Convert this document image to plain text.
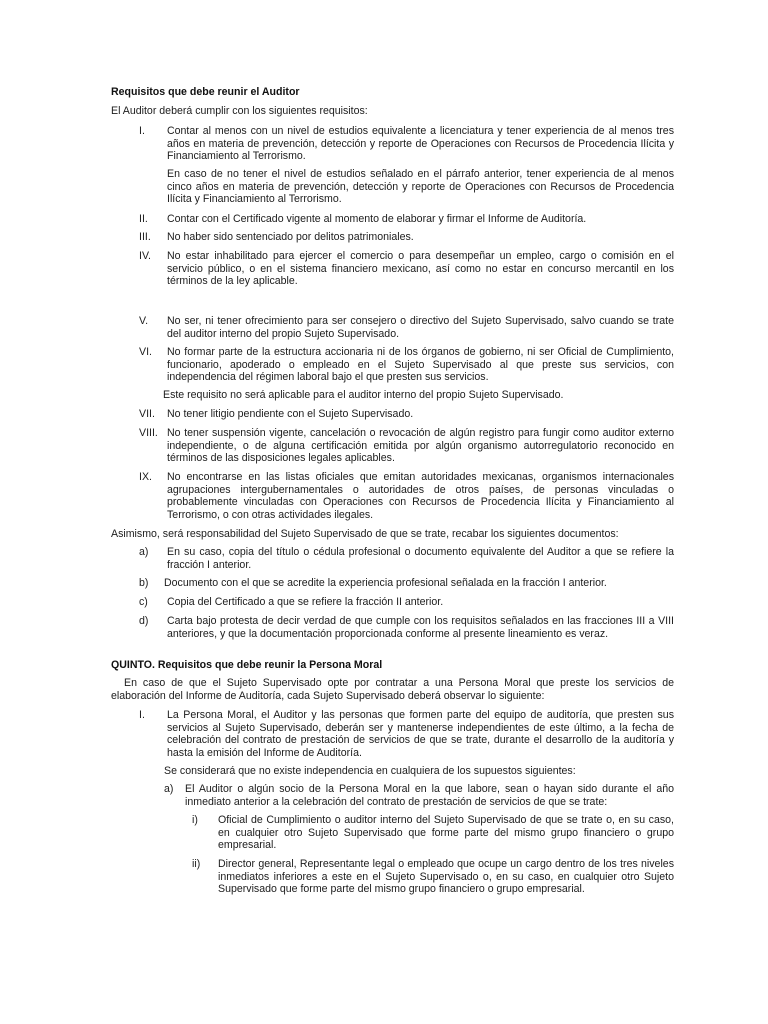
Requisitos que debe reunir el Auditor

El Auditor deberá cumplir con los siguientes requisitos:

I. Contar al menos con un nivel de estudios equivalente a licenciatura y tener experiencia de al menos tres años en materia de prevención, detección y reporte de Operaciones con Recursos de Procedencia Ilícita y Financiamiento al Terrorismo.

En caso de no tener el nivel de estudios señalado en el párrafo anterior, tener experiencia de al menos cinco años en materia de prevención, detección y reporte de Operaciones con Recursos de Procedencia Ilícita y Financiamiento al Terrorismo.

II. Contar con el Certificado vigente al momento de elaborar y firmar el Informe de Auditoría.

III. No haber sido sentenciado por delitos patrimoniales.

IV. No estar inhabilitado para ejercer el comercio o para desempeñar un empleo, cargo o comisión en el servicio público, o en el sistema financiero mexicano, así como no estar en concurso mercantil en los términos de la ley aplicable.

V. No ser, ni tener ofrecimiento para ser consejero o directivo del Sujeto Supervisado, salvo cuando se trate del auditor interno del propio Sujeto Supervisado.

VI. No formar parte de la estructura accionaria ni de los órganos de gobierno, ni ser Oficial de Cumplimiento, funcionario, apoderado o empleado en el Sujeto Supervisado al que preste sus servicios, con independencia del régimen laboral bajo el que presten sus servicios.

Este requisito no será aplicable para el auditor interno del propio Sujeto Supervisado.

VII. No tener litigio pendiente con el Sujeto Supervisado.

VIII. No tener suspensión vigente, cancelación o revocación de algún registro para fungir como auditor externo independiente, o de alguna certificación emitida por algún organismo autorregulatorio reconocido en términos de las disposiciones legales aplicables.

IX. No encontrarse en las listas oficiales que emitan autoridades mexicanas, organismos internacionales agrupaciones intergubernamentales o autoridades de otros países, de personas vinculadas o probablemente vinculadas con Operaciones con Recursos de Procedencia Ilícita y Financiamiento al Terrorismo, o con otras actividades ilegales.

Asimismo, será responsabilidad del Sujeto Supervisado de que se trate, recabar los siguientes documentos:

a) En su caso, copia del título o cédula profesional o documento equivalente del Auditor a que se refiere la fracción I anterior.

b) Documento con el que se acredite la experiencia profesional señalada en la fracción I anterior.

c) Copia del Certificado a que se refiere la fracción II anterior.

d) Carta bajo protesta de decir verdad de que cumple con los requisitos señalados en las fracciones III a VIII anteriores, y que la documentación proporcionada conforme al presente lineamiento es veraz.

QUINTO. Requisitos que debe reunir la Persona Moral

En caso de que el Sujeto Supervisado opte por contratar a una Persona Moral que preste los servicios de elaboración del Informe de Auditoría, cada Sujeto Supervisado deberá observar lo siguiente:

I. La Persona Moral, el Auditor y las personas que formen parte del equipo de auditoría, que presten sus servicios al Sujeto Supervisado, deberán ser y mantenerse independientes de este último, a la fecha de celebración del contrato de prestación de servicios de que se trate, durante el desarrollo de la auditoría y hasta la emisión del Informe de Auditoría.

Se considerará que no existe independencia en cualquiera de los supuestos siguientes:

a) El Auditor o algún socio de la Persona Moral en la que labore, sean o hayan sido durante el año inmediato anterior a la celebración del contrato de prestación de servicios de que se trate:

i) Oficial de Cumplimiento o auditor interno del Sujeto Supervisado de que se trate o, en su caso, en cualquier otro Sujeto Supervisado que forme parte del mismo grupo financiero o grupo empresarial.

ii) Director general, Representante legal o empleado que ocupe un cargo dentro de los tres niveles inmediatos inferiores a este en el Sujeto Supervisado o, en su caso, en cualquier otro Sujeto Supervisado que forme parte del mismo grupo financiero o grupo empresarial.
